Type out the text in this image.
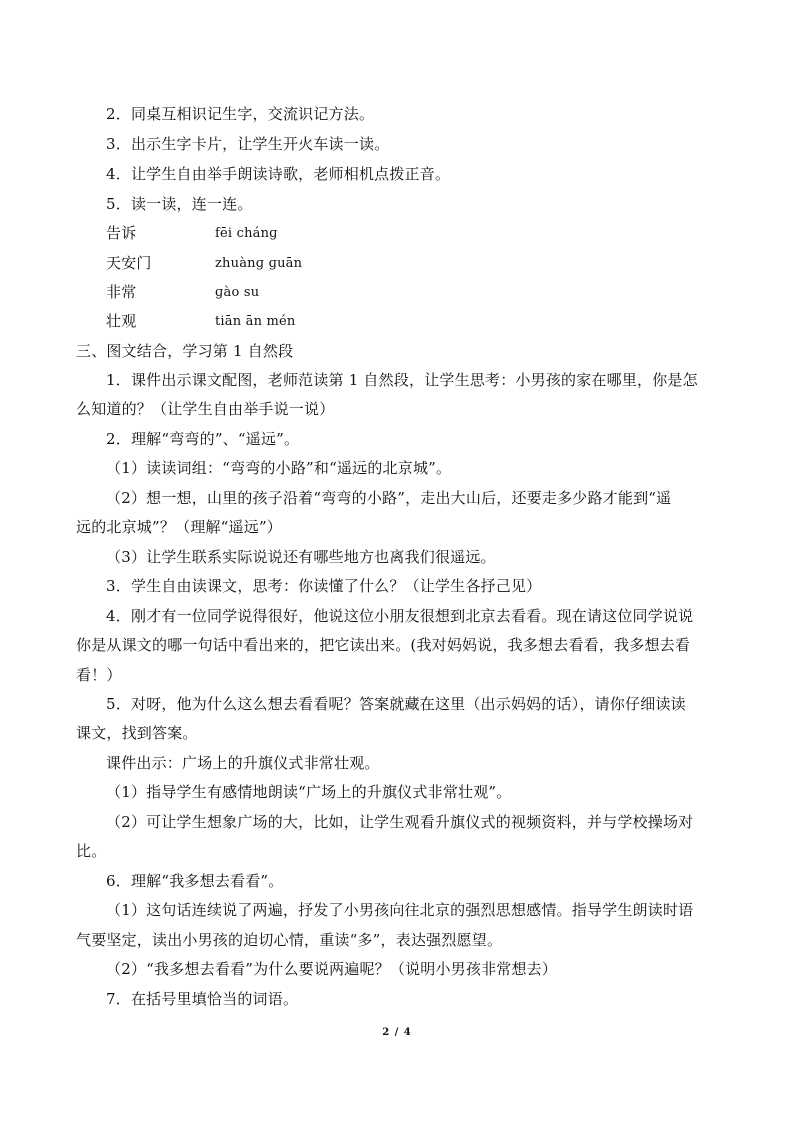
2．同桌互相识记生字，交流识记方法。
3．出示生字卡片，让学生开火车读一读。
4．让学生自由举手朗读诗歌，老师相机点拨正音。
5．读一读，连一连。
告诉	fēi chánɡ
天安门	zhuànɡ ɡuān
非常	ɡào su
壮观	tiān ān mén
三、图文结合，学习第 1 自然段
1．课件出示课文配图，老师范读第 1 自然段，让学生思考：小男孩的家在哪里，你是怎
么知道的？（让学生自由举手说一说）
2．理解“弯弯的”、“遥远”。
（1）读读词组：“弯弯的小路”和“遥远的北京城”。
（2）想一想，山里的孩子沿着“弯弯的小路”，走出大山后，还要走多少路才能到“遥
远的北京城”？（理解“遥远”）
（3）让学生联系实际说说还有哪些地方也离我们很遥远。
3．学生自由读课文，思考：你读懂了什么？（让学生各抒己见）
4．刚才有一位同学说得很好，他说这位小朋友很想到北京去看看。现在请这位同学说说
你是从课文的哪一句话中看出来的，把它读出来。(我对妈妈说，我多想去看看，我多想去看
看！）
5．对呀，他为什么这么想去看看呢？答案就藏在这里（出示妈妈的话），请你仔细读读
课文，找到答案。
课件出示：广场上的升旗仪式非常壮观。
（1）指导学生有感情地朗读“广场上的升旗仪式非常壮观”。
（2）可让学生想象广场的大，比如，让学生观看升旗仪式的视频资料，并与学校操场对
比。
6．理解“我多想去看看”。
（1）这句话连续说了两遍，抒发了小男孩向往北京的强烈思想感情。指导学生朗读时语
气要坚定，读出小男孩的迫切心情，重读“多”，表达强烈愿望。
（2）“我多想去看看”为什么要说两遍呢？（说明小男孩非常想去）
7．在括号里填恰当的词语。
2 / 4
